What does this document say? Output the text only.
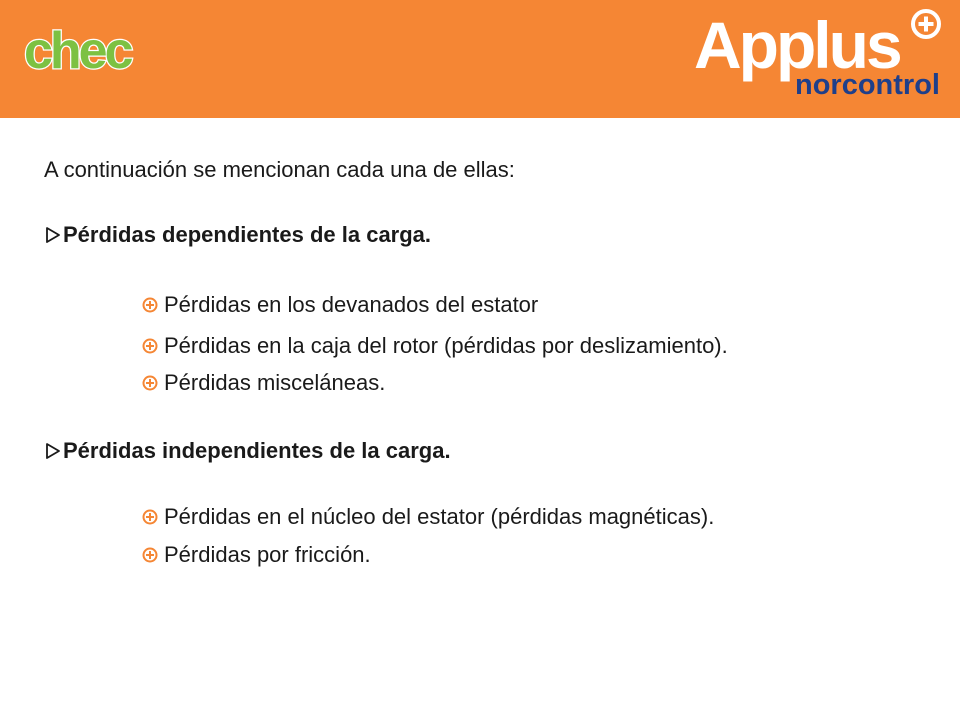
chec	Applus
norcontrol
A continuación se mencionan cada una de ellas:
Pérdidas dependientes de la carga.
Pérdidas en los devanados del estator
Pérdidas en la caja del rotor (pérdidas por deslizamiento).
Pérdidas misceláneas.
Pérdidas independientes de la carga.
Pérdidas en el núcleo del estator (pérdidas magnéticas).
Pérdidas por fricción.
